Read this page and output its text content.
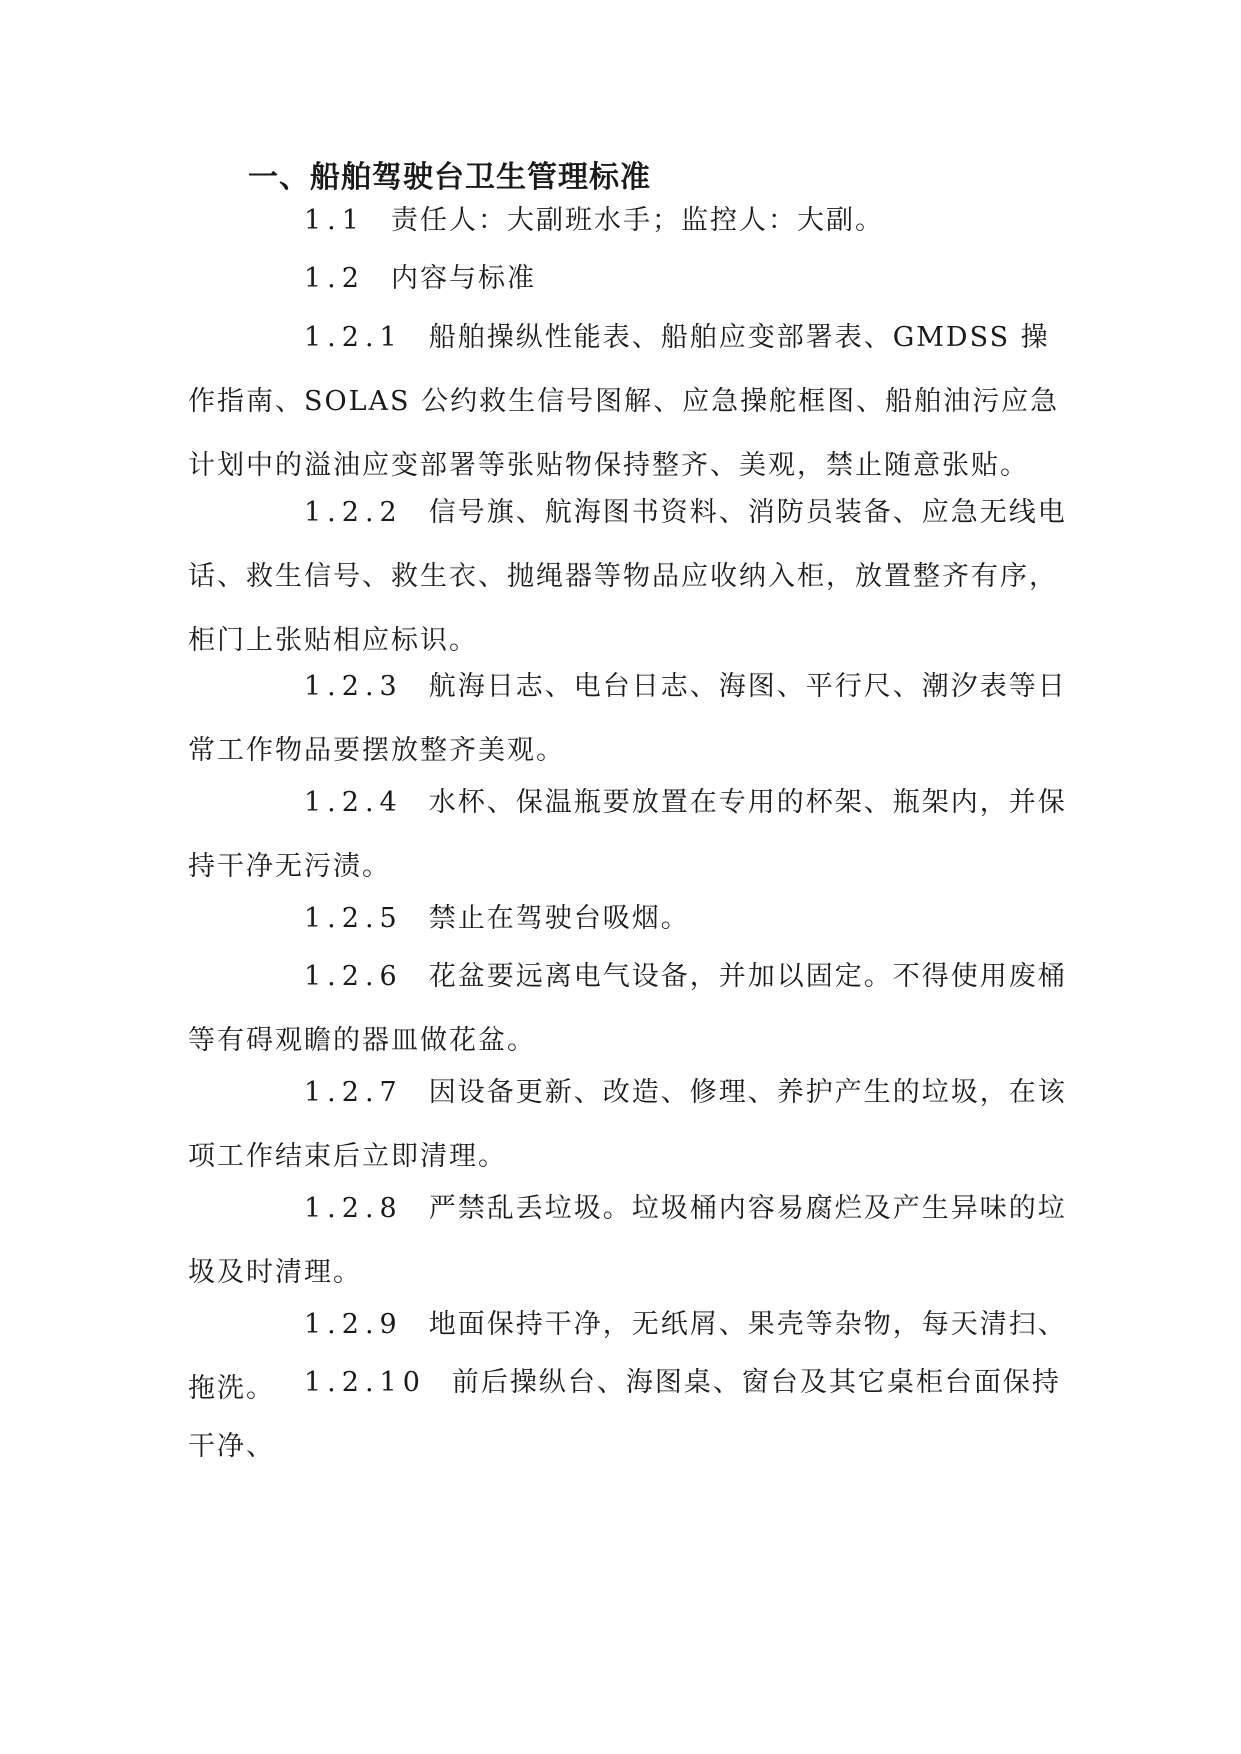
一、船舶驾驶台卫生管理标准

1.1 责任人：大副班水手；监控人：大副。

1.2 内容与标准

1.2.1 船舶操纵性能表、船舶应变部署表、GMDSS 操作指南、SOLAS 公约救生信号图解、应急操舵框图、船舶油污应急计划中的溢油应变部署等张贴物保持整齐、美观，禁止随意张贴。

1.2.2 信号旗、航海图书资料、消防员装备、应急无线电话、救生信号、救生衣、抛绳器等物品应收纳入柜，放置整齐有序，柜门上张贴相应标识。

1.2.3 航海日志、电台日志、海图、平行尺、潮汐表等日常工作物品要摆放整齐美观。

1.2.4 水杯、保温瓶要放置在专用的杯架、瓶架内，并保持干净无污渍。

1.2.5 禁止在驾驶台吸烟。

1.2.6 花盆要远离电气设备，并加以固定。不得使用废桶等有碍观瞻的器皿做花盆。

1.2.7 因设备更新、改造、修理、养护产生的垃圾，在该项工作结束后立即清理。

1.2.8 严禁乱丢垃圾。垃圾桶内容易腐烂及产生异味的垃圾及时清理。

1.2.9 地面保持干净，无纸屑、果壳等杂物，每天清扫、拖洗。	1.2.10 前后操纵台、海图桌、窗台及其它桌柜台面保持干净、
